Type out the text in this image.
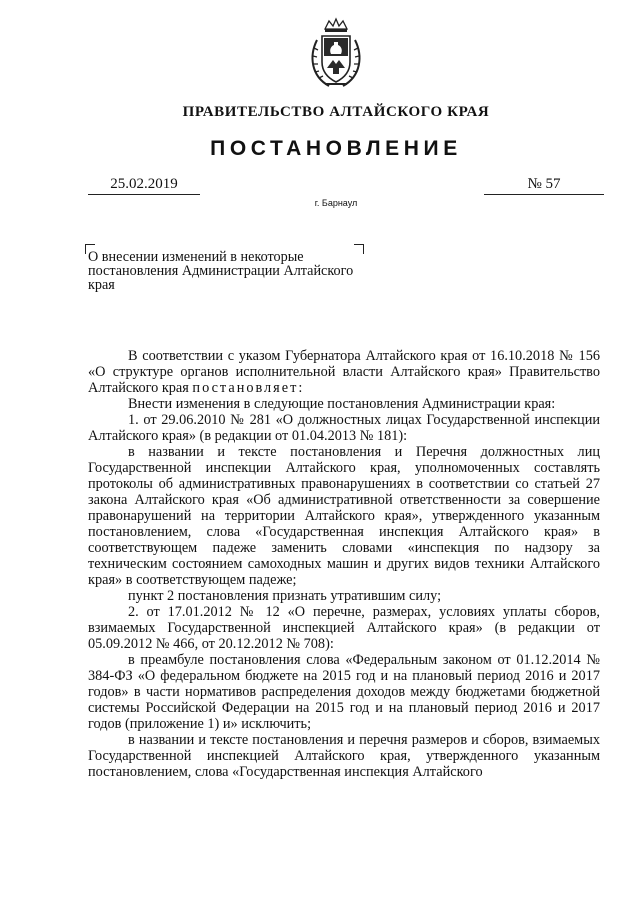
ПРАВИТЕЛЬСТВО АЛТАЙСКОГО КРАЯ
ПОСТАНОВЛЕНИЕ
25.02.2019	№ 57
г. Барнаул

О внесении изменений в некоторые постановления Администрации Алтайского края

В соответствии с указом Губернатора Алтайского края от 16.10.2018 № 156 «О структуре органов исполнительной власти Алтайского края» Правительство Алтайского края постановляет:

Внести изменения в следующие постановления Администрации края:

1. от 29.06.2010 № 281 «О должностных лицах Государственной инспекции Алтайского края» (в редакции от 01.04.2013 № 181):

в названии и тексте постановления и Перечня должностных лиц Государственной инспекции Алтайского края, уполномоченных составлять протоколы об административных правонарушениях в соответствии со статьей 27 закона Алтайского края «Об административной ответственности за совершение правонарушений на территории Алтайского края», утвержденного указанным постановлением, слова «Государственная инспекция Алтайского края» в соответствующем падеже заменить словами «инспекция по надзору за техническим состоянием самоходных машин и других видов техники Алтайского края» в соответствующем падеже;

пункт 2 постановления признать утратившим силу;

2. от 17.01.2012 № 12 «О перечне, размерах, условиях уплаты сборов, взимаемых Государственной инспекцией Алтайского края» (в редакции от 05.09.2012 № 466, от 20.12.2012 № 708):

в преамбуле постановления слова «Федеральным законом от 01.12.2014 № 384-ФЗ «О федеральном бюджете на 2015 год и на плановый период 2016 и 2017 годов» в части нормативов распределения доходов между бюджетами бюджетной системы Российской Федерации на 2015 год и на плановый период 2016 и 2017 годов (приложение 1) и» исключить;

в названии и тексте постановления и перечня размеров и сборов, взимаемых Государственной инспекцией Алтайского края, утвержденного указанным постановлением, слова «Государственная инспекция Алтайского
